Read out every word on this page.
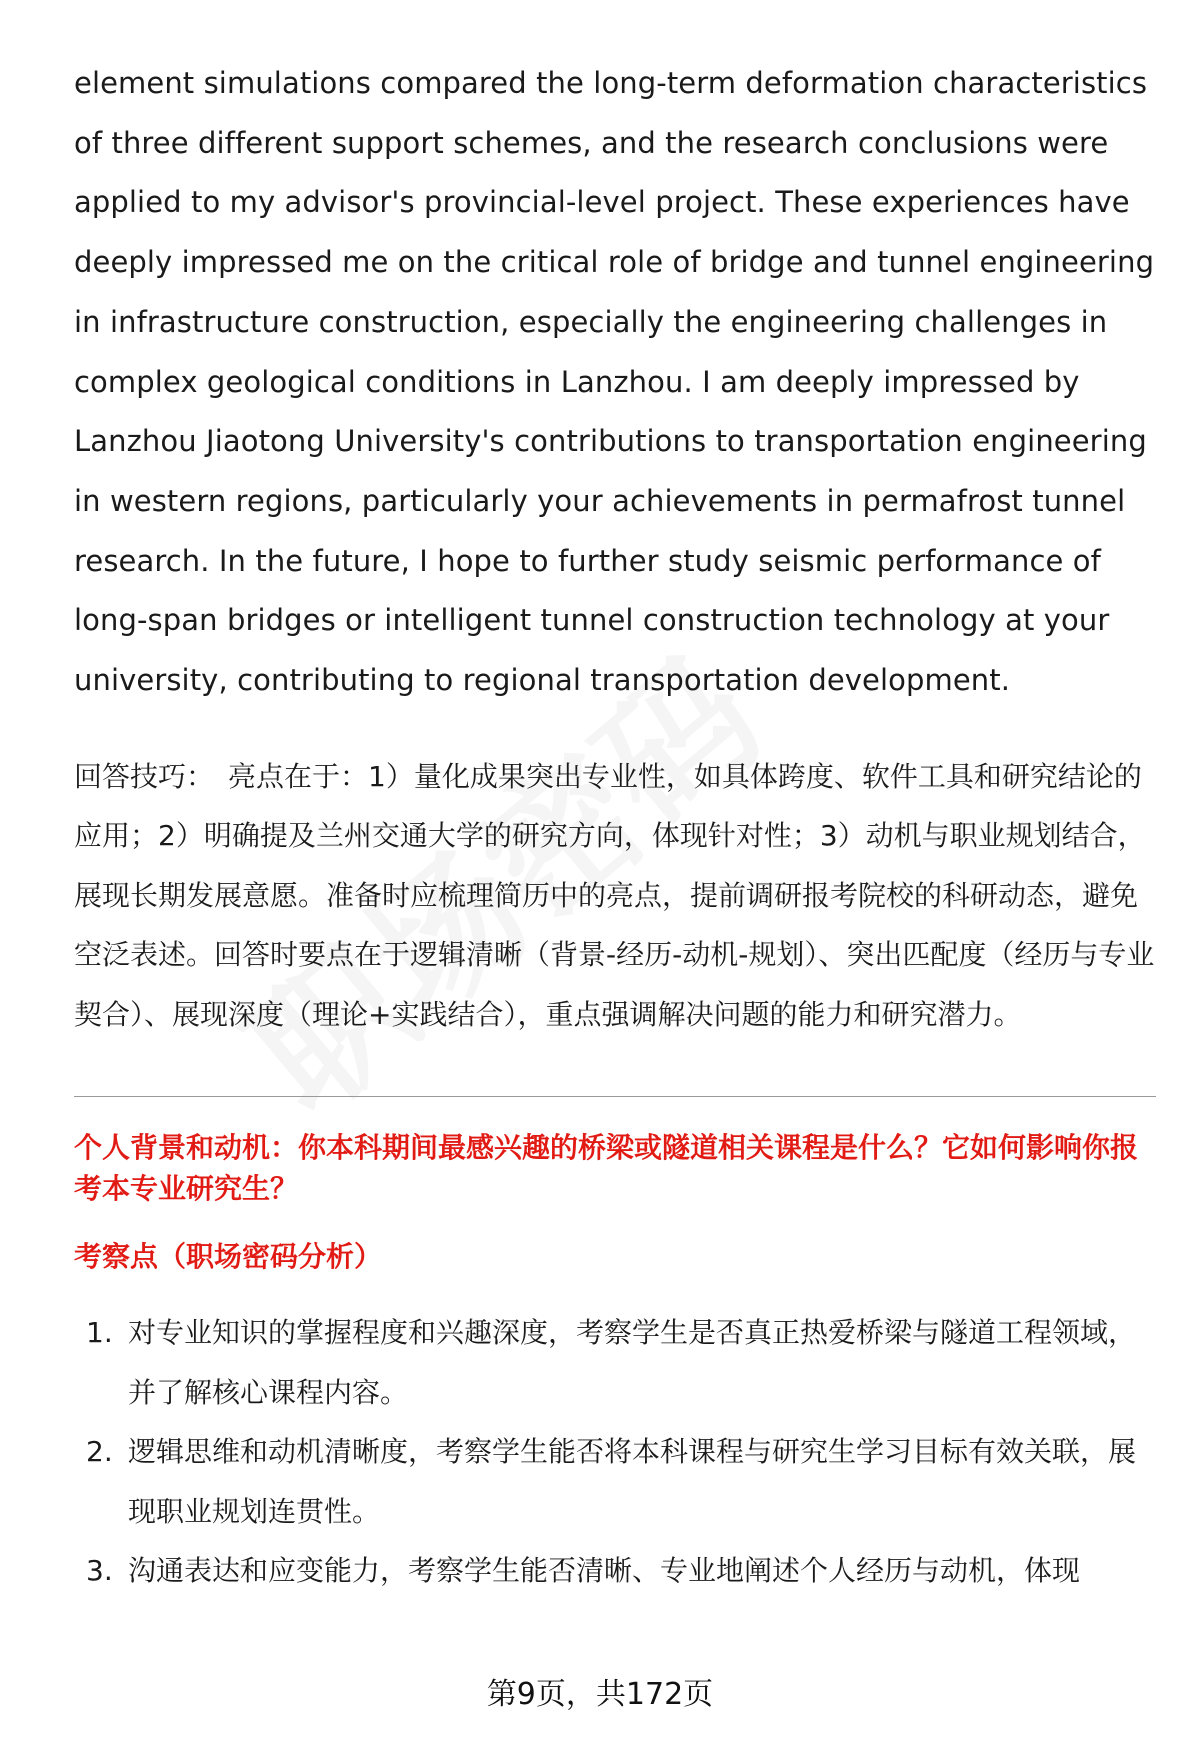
element simulations compared the long-term deformation characteristics of three different support schemes, and the research conclusions were applied to my advisor's provincial-level project. These experiences have deeply impressed me on the critical role of bridge and tunnel engineering in infrastructure construction, especially the engineering challenges in complex geological conditions in Lanzhou. I am deeply impressed by Lanzhou Jiaotong University's contributions to transportation engineering in western regions, particularly your achievements in permafrost tunnel research. In the future, I hope to further study seismic performance of long-span bridges or intelligent tunnel construction technology at your university, contributing to regional transportation development.

回答技巧： 亮点在于：1）量化成果突出专业性，如具体跨度、软件工具和研究结论的应用；2）明确提及兰州交通大学的研究方向，体现针对性；3）动机与职业规划结合，展现长期发展意愿。准备时应梳理简历中的亮点，提前调研报考院校的科研动态，避免空泛表述。回答时要点在于逻辑清晰（背景-经历-动机-规划）、突出匹配度（经历与专业契合）、展现深度（理论+实践结合），重点强调解决问题的能力和研究潜力。

个人背景和动机：你本科期间最感兴趣的桥梁或隧道相关课程是什么？它如何影响你报考本专业研究生？
考察点（职场密码分析）
1. 对专业知识的掌握程度和兴趣深度，考察学生是否真正热爱桥梁与隧道工程领域，并了解核心课程内容。
2. 逻辑思维和动机清晰度，考察学生能否将本科课程与研究生学习目标有效关联，展现职业规划连贯性。
3. 沟通表达和应变能力，考察学生能否清晰、专业地阐述个人经历与动机，体现
第9页，共172页
